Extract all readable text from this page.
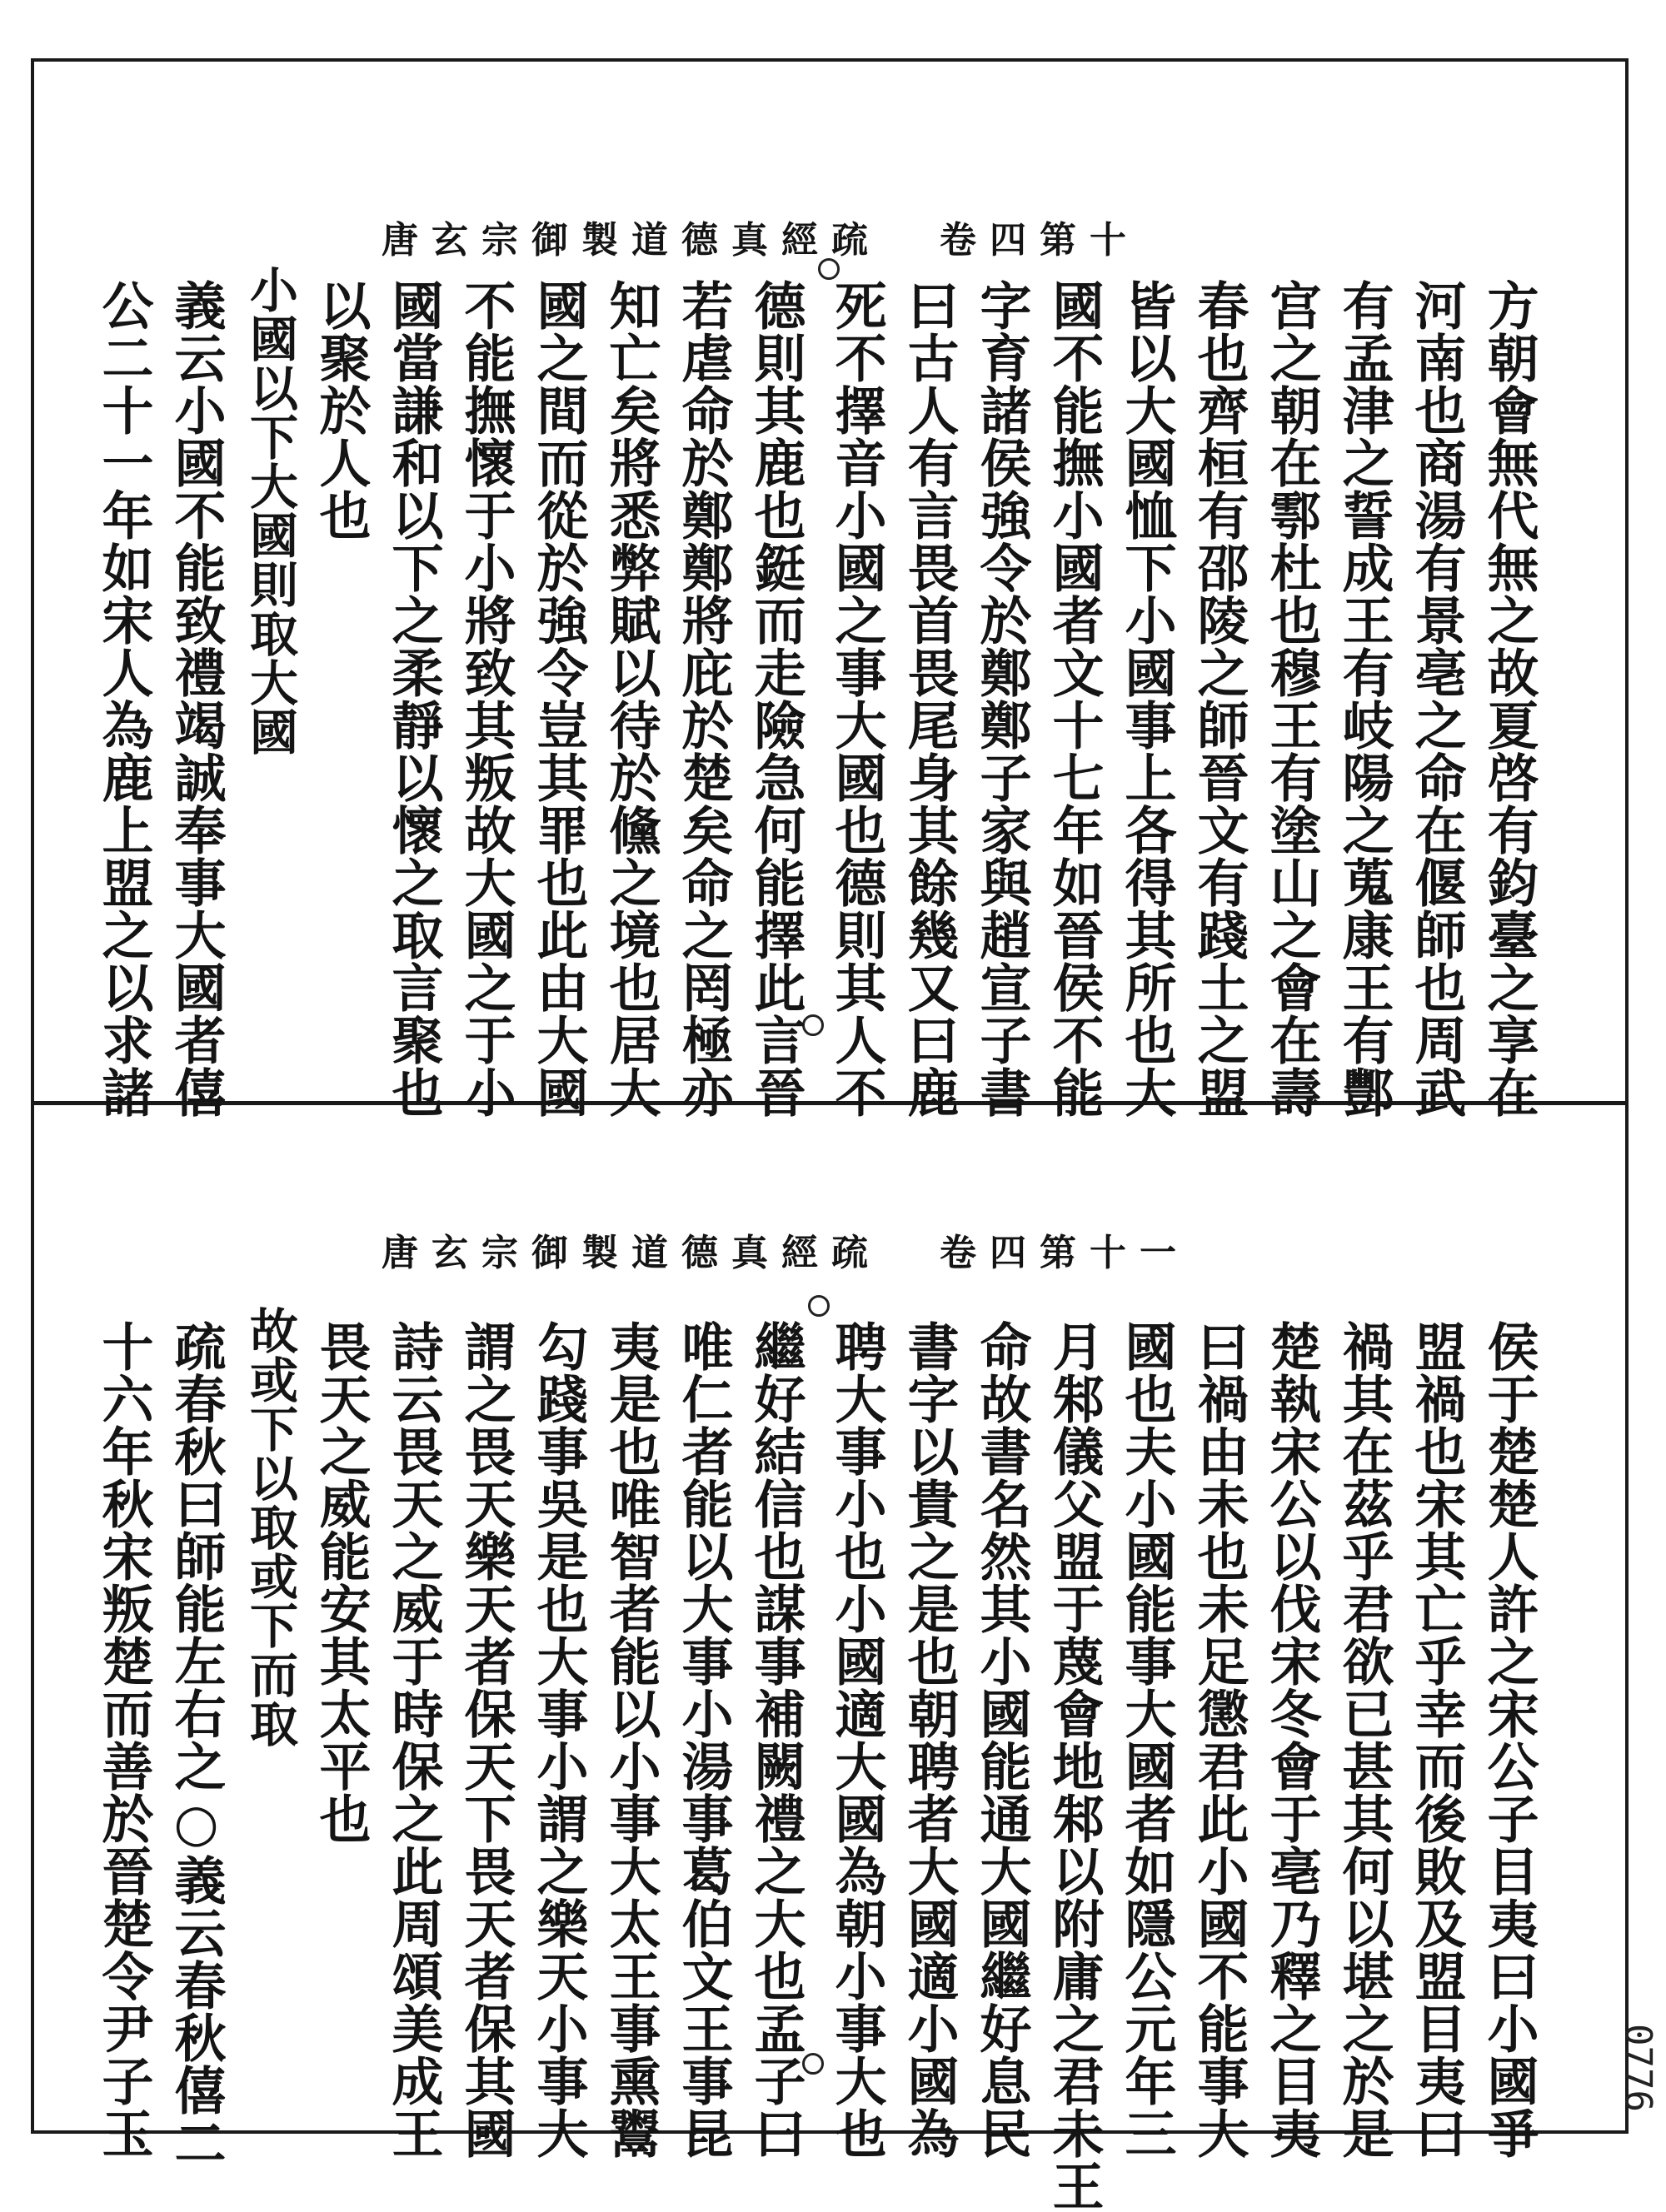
0776
唐玄宗御製道德真經疏 卷四第十
方朝會無代無之故夏啓有鈞臺之享在
河南也商湯有景亳之命在偃師也周武
有孟津之誓成王有岐陽之蒐康王有酆
宫之朝在鄠杜也穆王有塗山之會在壽
春也齊桓有邵陵之師晉文有踐土之盟
皆以大國恤下小國事上各得其所也大
國不能撫小國者文十七年如晉侯不能
字育諸侯強令於鄭鄭子家與趙宣子書
曰古人有言畏首畏尾身其餘幾又曰鹿
死不擇音小國之事大國也德則其人不
德則其鹿也鋌而走險急何能擇此言晉
若虐命於鄭鄭將庇於楚矣命之罔極亦
知亡矣將悉弊賦以待於儵之境也居大
國之間而從於強令豈其罪也此由大國
不能撫懷于小將致其叛故大國之于小
國當謙和以下之柔靜以懷之取言聚也
以聚於人也
小國以下大國則取大國
義云小國不能致禮竭誠奉事大國者僖
公二十一年如宋人為鹿上盟之以求諸
唐玄宗御製道德真經疏 卷四第十一
侯于楚楚人許之宋公子目夷曰小國爭
盟禍也宋其亡乎幸而後敗及盟目夷曰
禍其在茲乎君欲已甚其何以堪之於是
楚執宋公以伐宋冬會于亳乃釋之目夷
曰禍由未也未足懲君此小國不能事大
國也夫小國能事大國者如隱公元年三
月邾儀父盟于蔑會地邾以附庸之君未王
命故書名然其小國能通大國繼好息民
書字以貴之是也朝聘者大國適小國為
聘大事小也小國適大國為朝小事大也
繼好結信也謀事補闕禮之大也孟子曰
唯仁者能以大事小湯事葛伯文王事昆
夷是也唯智者能以小事大太王事熏鬻
勾踐事吳是也大事小謂之樂天小事大
謂之畏天樂天者保天下畏天者保其國
詩云畏天之威于時保之此周頌美成王
畏天之威能安其太平也
故或下以取或下而取
疏春秋曰師能左右之○義云春秋僖二
十六年秋宋叛楚而善於晉楚令尹子玉
